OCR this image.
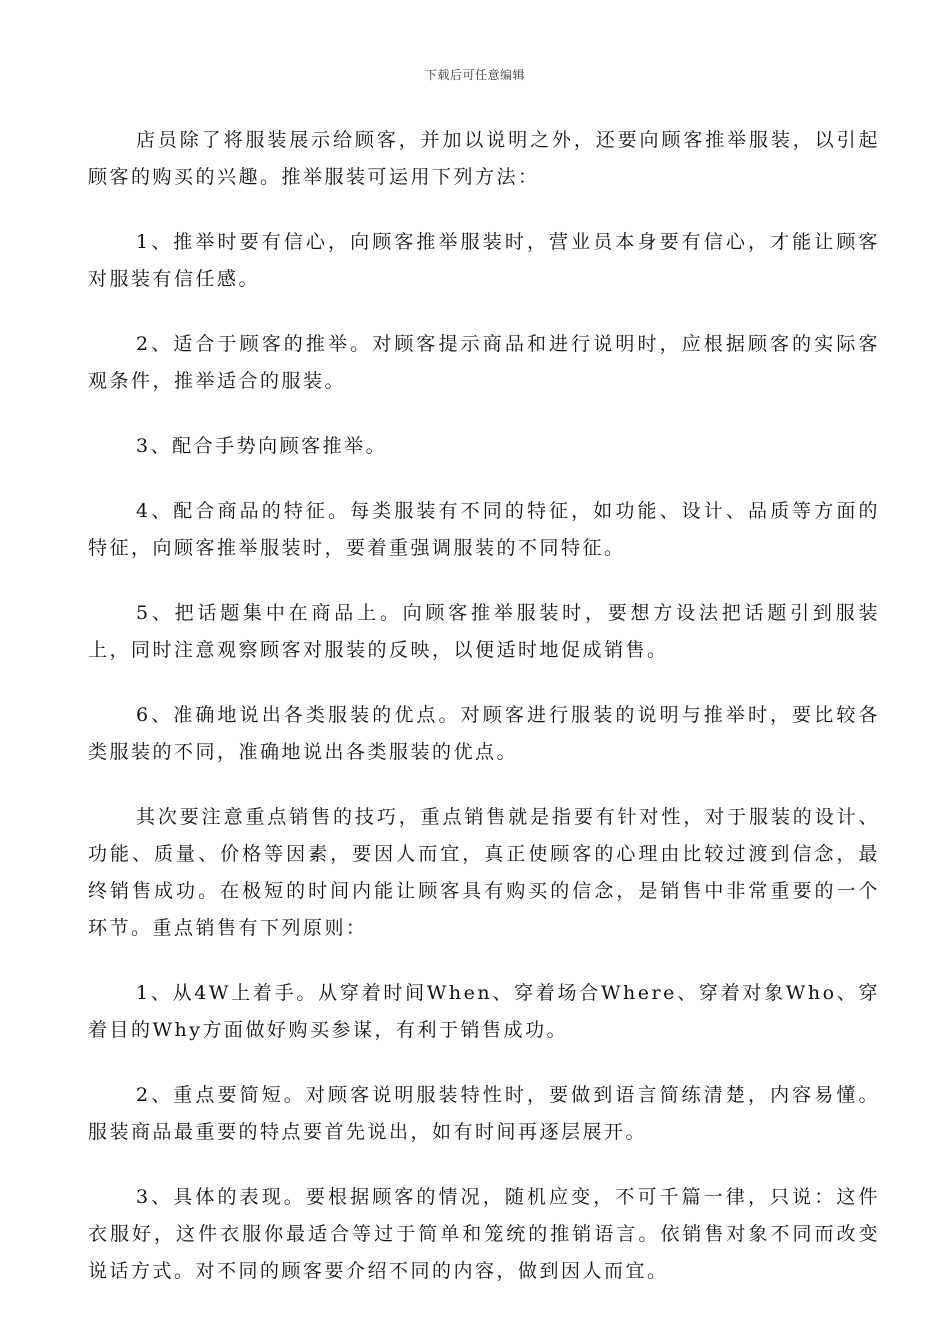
下载后可任意编辑

店员除了将服装展示给顾客，并加以说明之外，还要向顾客推举服装，以引起顾客的购买的兴趣。推举服装可运用下列方法：

1、推举时要有信心，向顾客推举服装时，营业员本身要有信心，才能让顾客对服装有信任感。

2、适合于顾客的推举。对顾客提示商品和进行说明时，应根据顾客的实际客观条件，推举适合的服装。

3、配合手势向顾客推举。

4、配合商品的特征。每类服装有不同的特征，如功能、设计、品质等方面的特征，向顾客推举服装时，要着重强调服装的不同特征。

5、把话题集中在商品上。向顾客推举服装时，要想方设法把话题引到服装上，同时注意观察顾客对服装的反映，以便适时地促成销售。

6、准确地说出各类服装的优点。对顾客进行服装的说明与推举时，要比较各类服装的不同，准确地说出各类服装的优点。

其次要注意重点销售的技巧，重点销售就是指要有针对性，对于服装的设计、功能、质量、价格等因素，要因人而宜，真正使顾客的心理由比较过渡到信念，最终销售成功。在极短的时间内能让顾客具有购买的信念，是销售中非常重要的一个环节。重点销售有下列原则：

1、从4W上着手。从穿着时间When、穿着场合Where、穿着对象Who、穿着目的Why方面做好购买参谋，有利于销售成功。

2、重点要简短。对顾客说明服装特性时，要做到语言简练清楚，内容易懂。服装商品最重要的特点要首先说出，如有时间再逐层展开。

3、具体的表现。要根据顾客的情况，随机应变，不可千篇一律，只说：这件衣服好，这件衣服你最适合等过于简单和笼统的推销语言。依销售对象不同而改变说话方式。对不同的顾客要介绍不同的内容，做到因人而宜。
